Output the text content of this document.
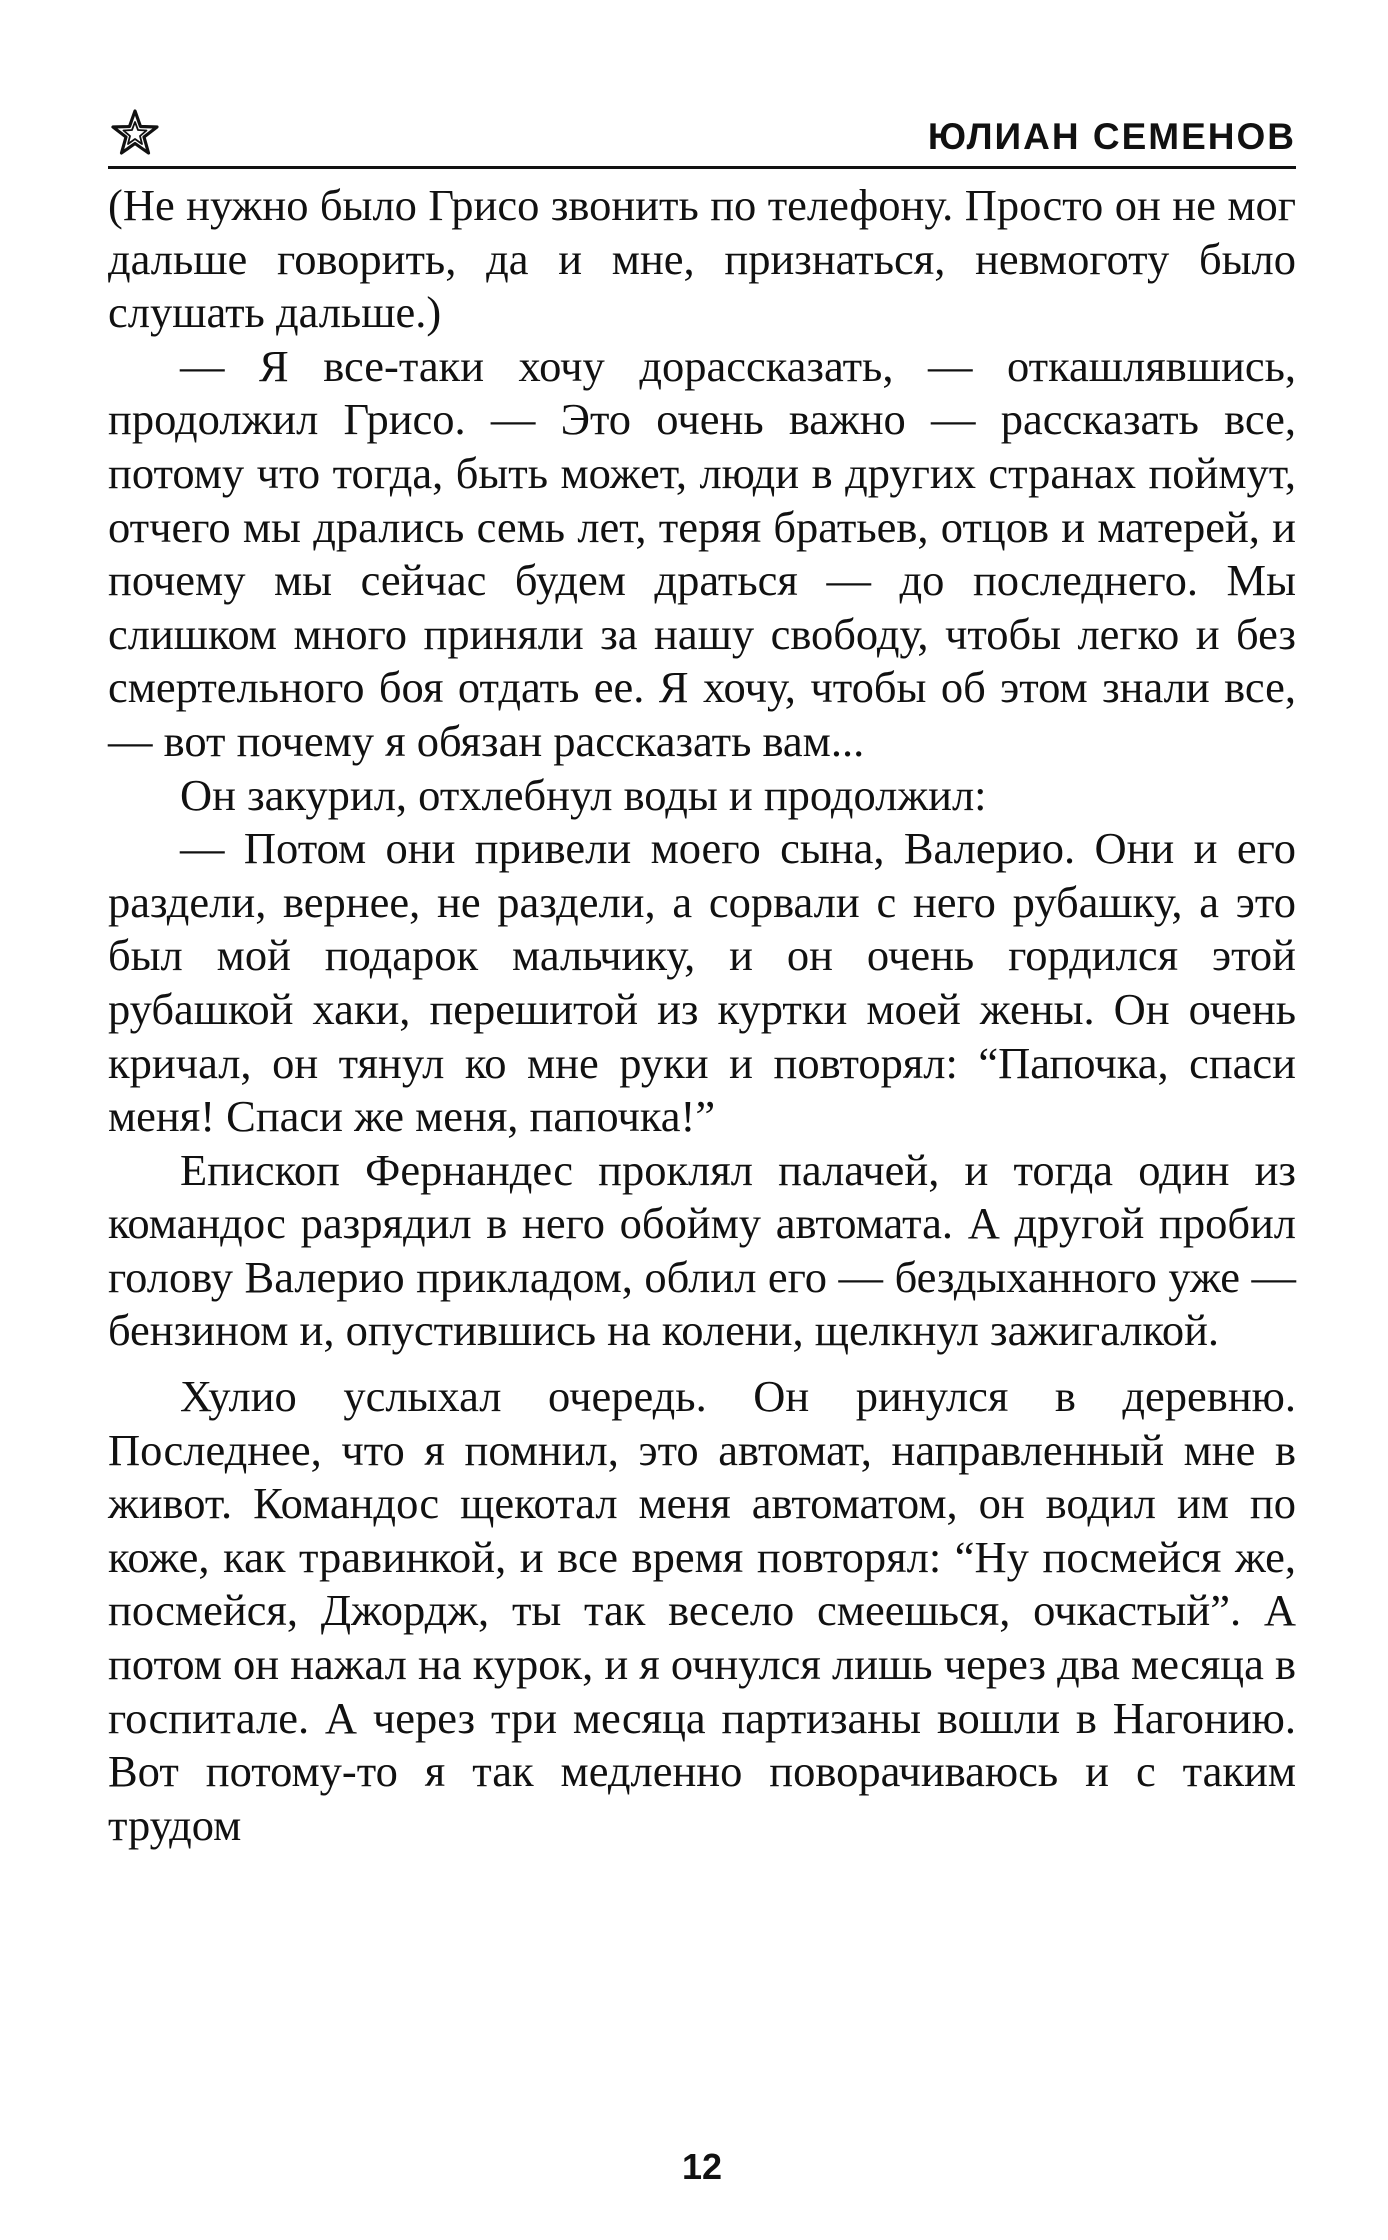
ЮЛИАН СЕМЕНОВ

(Не нужно было Грисо звонить по телефону. Просто он не мог дальше говорить, да и мне, признаться, невмоготу было слушать дальше.)

— Я все-таки хочу дорассказать, — откашлявшись, продолжил Грисо. — Это очень важно — рассказать все, потому что тогда, быть может, люди в других странах поймут, отчего мы дрались семь лет, теряя братьев, отцов и матерей, и почему мы сейчас будем драться — до последнего. Мы слишком много приняли за нашу свободу, чтобы легко и без смертельного боя отдать ее. Я хочу, чтобы об этом знали все, — вот почему я обязан рассказать вам...

Он закурил, отхлебнул воды и продолжил:

— Потом они привели моего сына, Валерио. Они и его раздели, вернее, не раздели, а сорвали с него рубашку, а это был мой подарок мальчику, и он очень гордился этой рубашкой хаки, перешитой из куртки моей жены. Он очень кричал, он тянул ко мне руки и повторял: “Папочка, спаси меня! Спаси же меня, папочка!”

Епископ Фернандес проклял палачей, и тогда один из командос разрядил в него обойму автомата. А другой пробил голову Валерио прикладом, облил его — бездыханного уже — бензином и, опустившись на колени, щелкнул зажигалкой.

Хулио услыхал очередь. Он ринулся в деревню. Последнее, что я помнил, это автомат, направленный мне в живот. Командос щекотал меня автоматом, он водил им по коже, как травинкой, и все время повторял: “Ну посмейся же, посмейся, Джордж, ты так весело смеешься, очкастый”. А потом он нажал на курок, и я очнулся лишь через два месяца в госпитале. А через три месяца партизаны вошли в Нагонию. Вот потому-то я так медленно поворачиваюсь и с таким трудом

12
